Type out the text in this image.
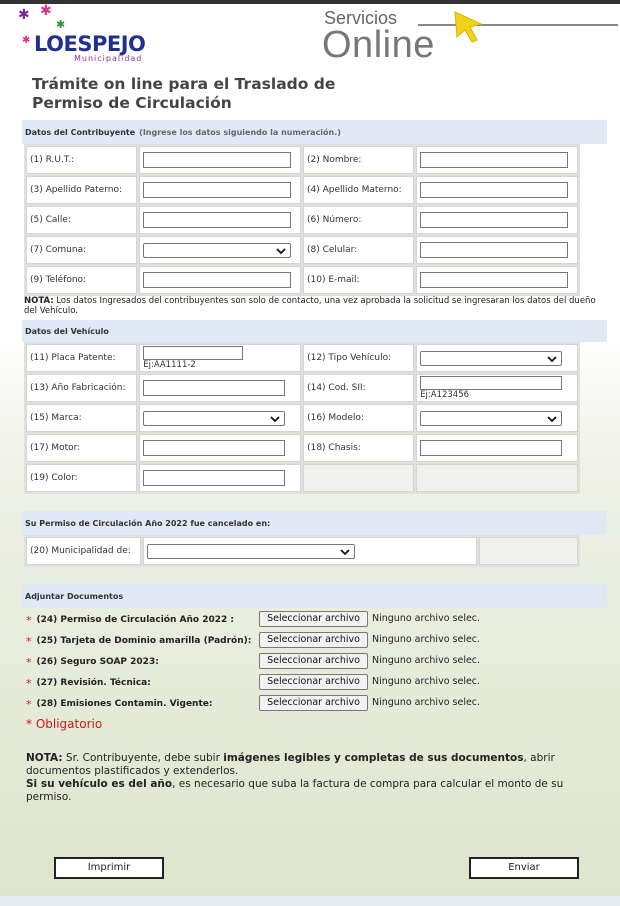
✱ ✱
✱
✱ LOESPEJO
Municipalidad
Servicios
Online
Trámite on line para el Traslado de
Permiso de Circulación
Datos del Contribuyente (Ingrese los datos siguiendo la numeración.)
(1) R.U.T.:		(2) Nombre:	

(3) Apellido Paterno:		(4) Apellido Materno:	

(5) Calle:		(6) Número:	

(7) Comuna:		(8) Celular:	

(9) Teléfono:		(10) E-mail:	
NOTA: Los datos Ingresados del contribuyentes son solo de contacto, una vez aprobada la solicitud se ingresaran los datos del dueño del Vehículo.
Datos del Vehículo
(11) Placa Patente:	Ej:AA1111-2	(12) Tipo Vehículo:	

(13) Año Fabricación:		(14) Cod. SII:	Ej:A123456

(15) Marca:		(16) Modelo:	

(17) Motor:		(18) Chasis:	

(19) Color:	

Su Permiso de Circulación Año 2022 fue cancelado en:
(20) Municipalidad de:	

Adjuntar Documentos
* (24) Permiso de Circulación Año 2022 :	Seleccionar archivo	Ninguno archivo selec.
* (25) Tarjeta de Dominio amarilla (Padrón):	Seleccionar archivo	Ninguno archivo selec.
* (26) Seguro SOAP 2023:	Seleccionar archivo	Ninguno archivo selec.
* (27) Revisión. Técnica:	Seleccionar archivo	Ninguno archivo selec.
* (28) Emisiones Contamin. Vigente:	Seleccionar archivo	Ninguno archivo selec.
* Obligatorio
NOTA: Sr. Contribuyente, debe subir imágenes legibles y completas de sus documentos, abrir documentos plastificados y extenderlos.
Si su vehículo es del año, es necesario que suba la factura de compra para calcular el monto de su permiso.
Imprimir	Enviar
